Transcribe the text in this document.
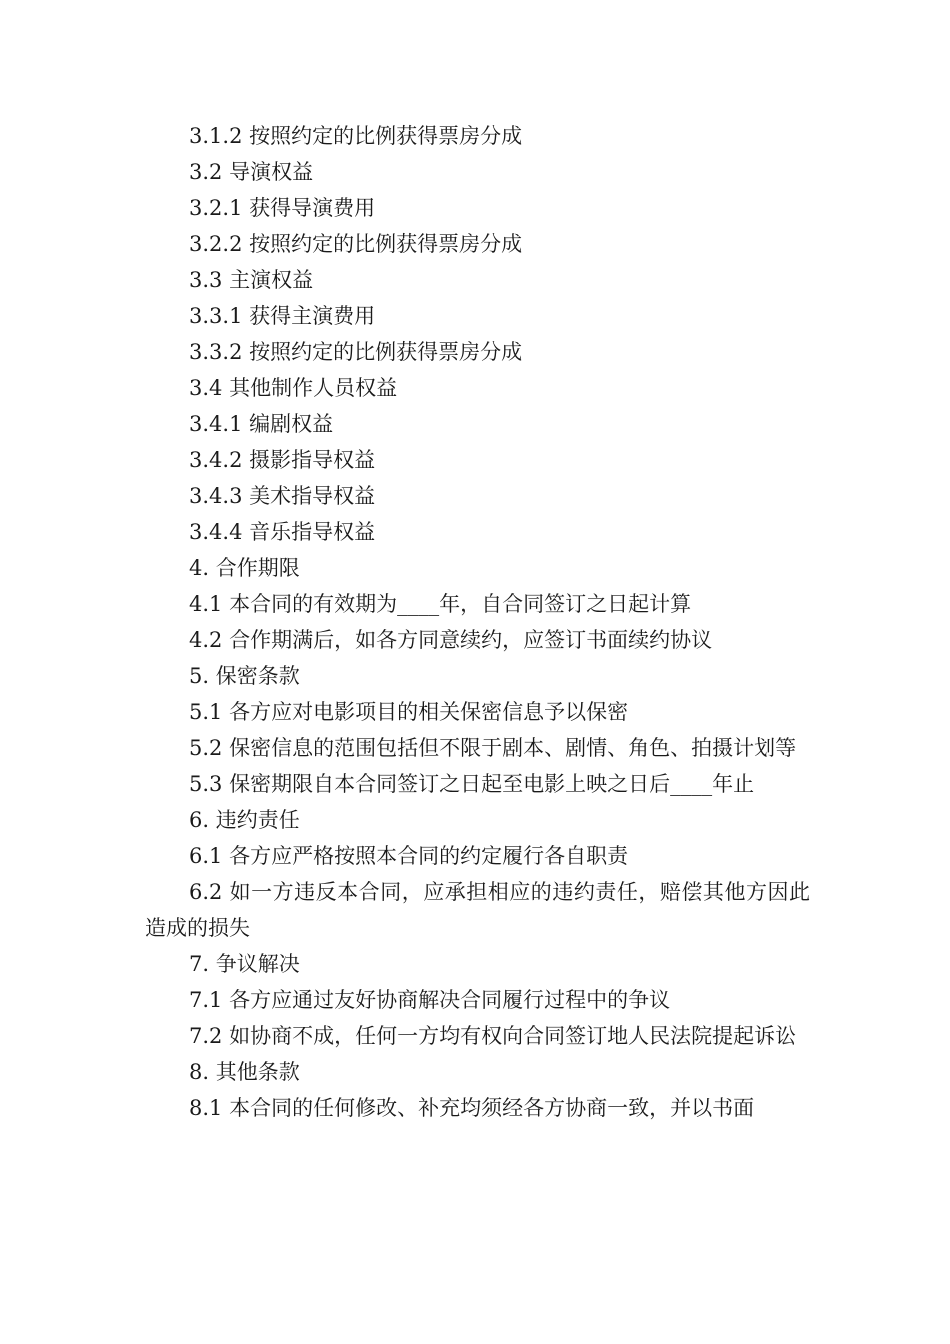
3.1.2 按照约定的比例获得票房分成

3.2 导演权益

3.2.1 获得导演费用

3.2.2 按照约定的比例获得票房分成

3.3 主演权益

3.3.1 获得主演费用

3.3.2 按照约定的比例获得票房分成

3.4 其他制作人员权益

3.4.1 编剧权益

3.4.2 摄影指导权益

3.4.3 美术指导权益

3.4.4 音乐指导权益

4. 合作期限

4.1 本合同的有效期为____年，自合同签订之日起计算

4.2 合作期满后，如各方同意续约，应签订书面续约协议

5. 保密条款

5.1 各方应对电影项目的相关保密信息予以保密

5.2 保密信息的范围包括但不限于剧本、剧情、角色、拍摄计划等

5.3 保密期限自本合同签订之日起至电影上映之日后____年止

6. 违约责任

6.1 各方应严格按照本合同的约定履行各自职责

6.2 如一方违反本合同，应承担相应的违约责任，赔偿其他方因此造成的损失

7. 争议解决

7.1 各方应通过友好协商解决合同履行过程中的争议

7.2 如协商不成，任何一方均有权向合同签订地人民法院提起诉讼

8. 其他条款

8.1 本合同的任何修改、补充均须经各方协商一致，并以书面
